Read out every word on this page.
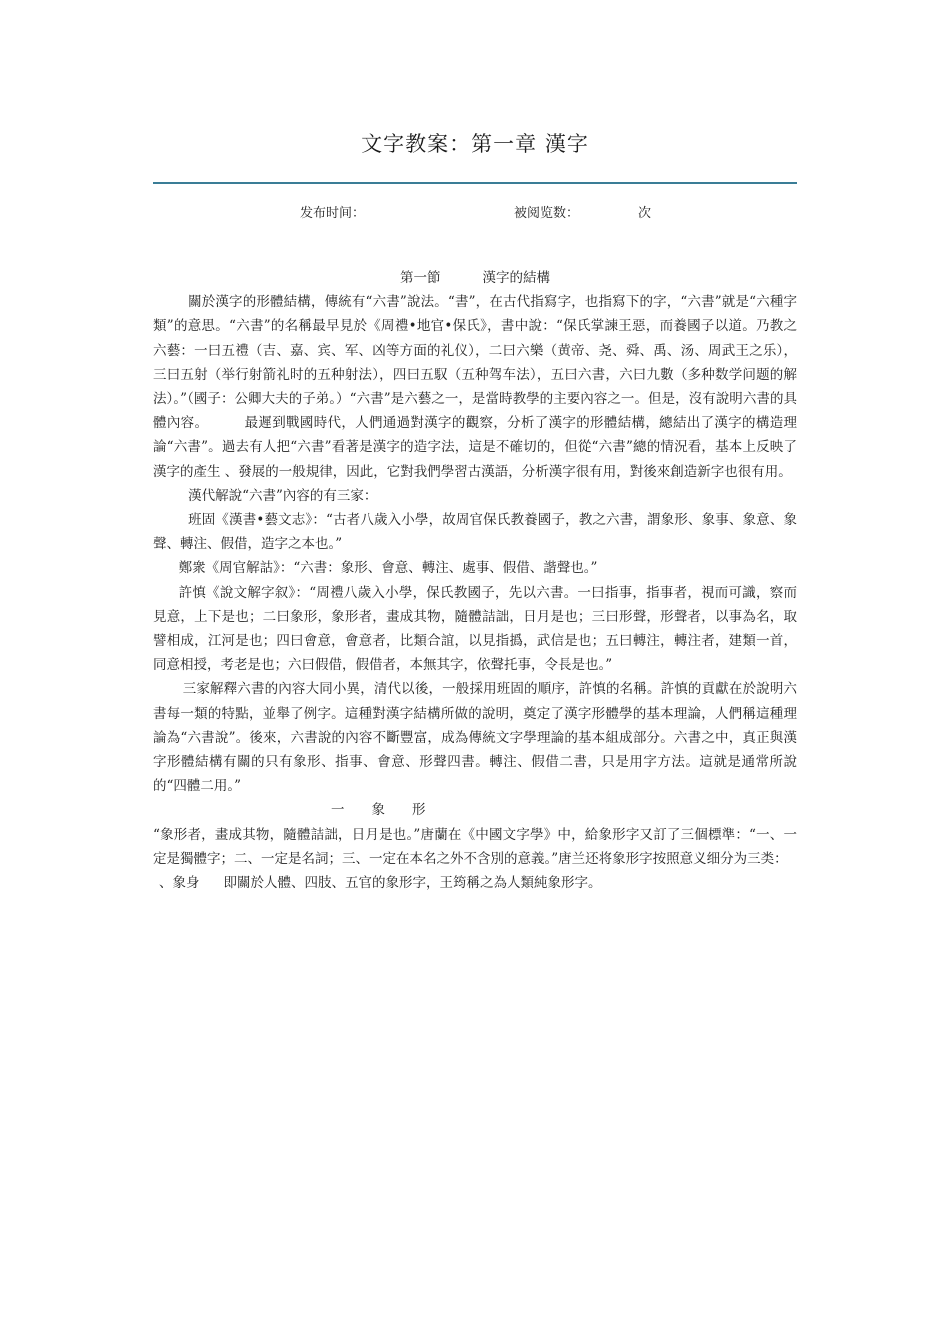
文字教案：第一章 漢字
发布时间：	被阅览数：	次

第一節	漢字的結構

關於漢字的形體結構，傳統有“六書”說法。“書”，在古代指寫字，也指寫下的字，“六書”就是“六種字類”的意思。“六書”的名稱最早見於《周禮•地官•保氏》，書中說：“保氏掌諫王惡，而養國子以道。乃教之六藝：一曰五禮（吉、嘉、宾、军、凶等方面的礼仪），二曰六樂（黄帝、尧、舜、禹、汤、周武王之乐），三曰五射（举行射箭礼时的五种射法），四曰五馭（五种驾车法），五曰六書，六曰九數（多种数学问题的解法）。”（國子：公卿大夫的子弟。）“六書”是六藝之一，是當時教學的主要內容之一。但是，沒有說明六書的具體內容。	最遲到戰國時代，人們通過對漢字的觀察，分析了漢字的形體結構，總結出了漢字的構造理論“六書”。過去有人把“六書”看著是漢字的造字法，這是不確切的，但從“六書”總的情況看，基本上反映了漢字的產生 、發展的一般規律，因此，它對我們學習古漢語，分析漢字很有用，對後來創造新字也很有用。

漢代解說“六書”內容的有三家：

班固《漢書•藝文志》：“古者八歲入小學，故周官保氏教養國子，教之六書，謂象形、象事、象意、象聲、轉注、假借，造字之本也。”

鄭衆《周官解詁》：“六書：象形、會意、轉注、處事、假借、諧聲也。”

許慎《說文解字叙》：“周禮八歲入小學，保氏教國子，先以六書。一曰指事，指事者，視而可識，察而見意，上下是也；二曰象形，象形者，畫成其物，隨體詰詘，日月是也；三曰形聲，形聲者，以事為名，取譬相成，江河是也；四曰會意，會意者，比類合誼，以見指撝，武信是也；五曰轉注，轉注者，建類一首，同意相授，考老是也；六曰假借，假借者，本無其字，依聲托事，令長是也。”

三家解釋六書的內容大同小異，清代以後，一般採用班固的順序，許慎的名稱。許慎的貢獻在於說明六書每一類的特點，並舉了例字。這種對漢字結構所做的說明，奠定了漢字形體學的基本理論，人們稱這種理論為“六書說”。後來，六書說的內容不斷豐富，成為傳統文字學理論的基本組成部分。六書之中，真正與漢字形體結構有關的只有象形、指事、會意、形聲四書。轉注、假借二書，只是用字方法。這就是通常所說的“四體二用。”

一　　象　　形

“象形者，畫成其物，隨體詰詘，日月是也。”唐蘭在《中國文字學》中，給象形字又訂了三個標準：“一、一定是獨體字；二、一定是名詞；三、一定在本名之外不含別的意義。”唐兰还将象形字按照意义细分为三类：

、象身 即關於人體、四肢、五官的象形字，王筠稱之為人類純象形字。
